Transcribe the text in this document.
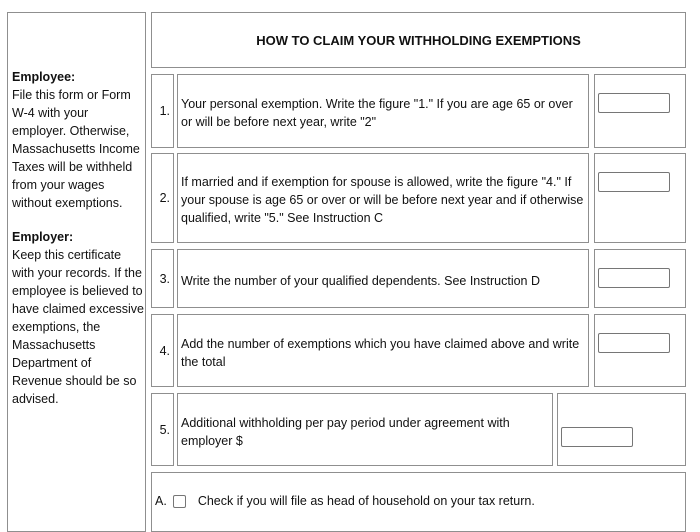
Employee:
File this form or Form W-4 with your employer. Otherwise, Massachusetts Income Taxes will be withheld from your wages without exemptions.
Employer:
Keep this certificate with your records. If the employee is believed to have claimed excessive exemptions, the Massachusetts Department of Revenue should be so advised.
HOW TO CLAIM YOUR WITHHOLDING EXEMPTIONS
1. Your personal exemption. Write the figure "1." If you are age 65 or over or will be before next year, write "2"
2.
If married and if exemption for spouse is allowed, write the figure "4." If your spouse is age 65 or over or will be before next year and if otherwise qualified, write "5." See Instruction C
3. Write the number of your qualified dependents. See Instruction D
4. Add the number of exemptions which you have claimed above and write the total
5. Additional withholding per pay period under agreement with employer $
A. Check if you will file as head of household on your tax return.
